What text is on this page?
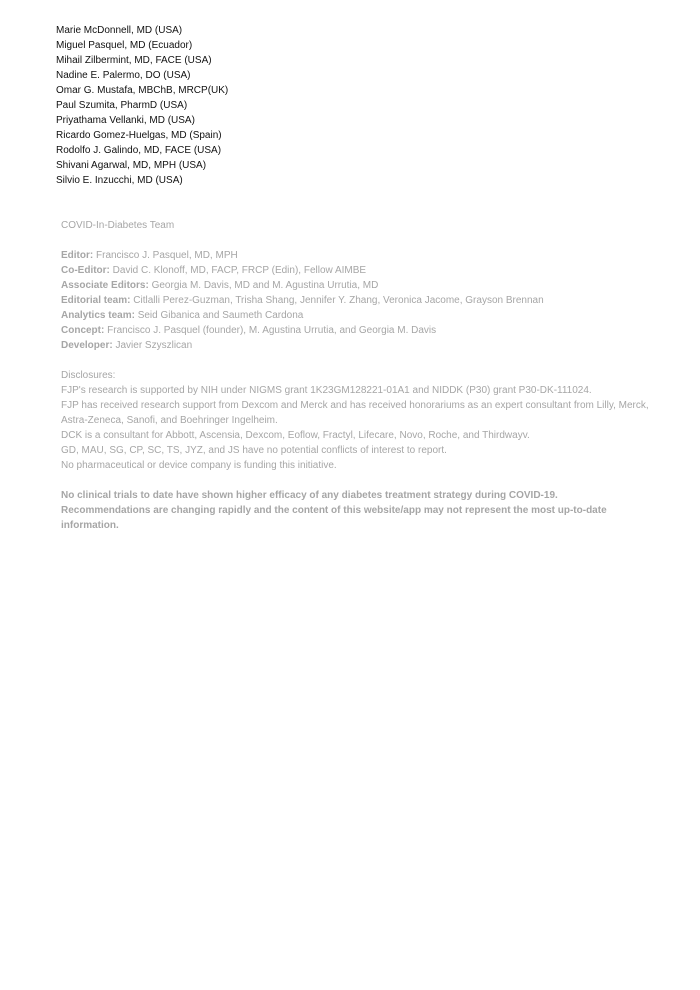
Marie McDonnell, MD (USA)
Miguel Pasquel, MD (Ecuador)
Mihail Zilbermint, MD, FACE (USA)
Nadine E. Palermo, DO (USA)
Omar G. Mustafa, MBChB, MRCP(UK)
Paul Szumita, PharmD (USA)
Priyathama Vellanki, MD (USA)
Ricardo Gomez-Huelgas, MD (Spain)
Rodolfo J. Galindo, MD, FACE (USA)
Shivani Agarwal, MD, MPH (USA)
Silvio E. Inzucchi, MD (USA)

COVID-In-Diabetes Team

Editor: Francisco J. Pasquel, MD, MPH
Co-Editor: David C. Klonoff, MD, FACP, FRCP (Edin), Fellow AIMBE
Associate Editors: Georgia M. Davis, MD and M. Agustina Urrutia, MD
Editorial team: Citlalli Perez-Guzman, Trisha Shang, Jennifer Y. Zhang, Veronica Jacome, Grayson Brennan
Analytics team: Seid Gibanica and Saumeth Cardona
Concept: Francisco J. Pasquel (founder), M. Agustina Urrutia, and Georgia M. Davis
Developer: Javier Szyszlican

Disclosures:

FJP's research is supported by NIH under NIGMS grant 1K23GM128221-01A1 and NIDDK (P30) grant P30-DK-111024.

FJP has received research support from Dexcom and Merck and has received honorariums as an expert consultant from Lilly, Merck, Astra-Zeneca, Sanofi, and Boehringer Ingelheim.

DCK is a consultant for Abbott, Ascensia, Dexcom, Eoflow, Fractyl, Lifecare, Novo, Roche, and Thirdwayv.

GD, MAU, SG, CP, SC, TS, JYZ, and JS have no potential conflicts of interest to report.

No pharmaceutical or device company is funding this initiative.

No clinical trials to date have shown higher efficacy of any diabetes treatment strategy during COVID-19. Recommendations are changing rapidly and the content of this website/app may not represent the most up-to-date information.
